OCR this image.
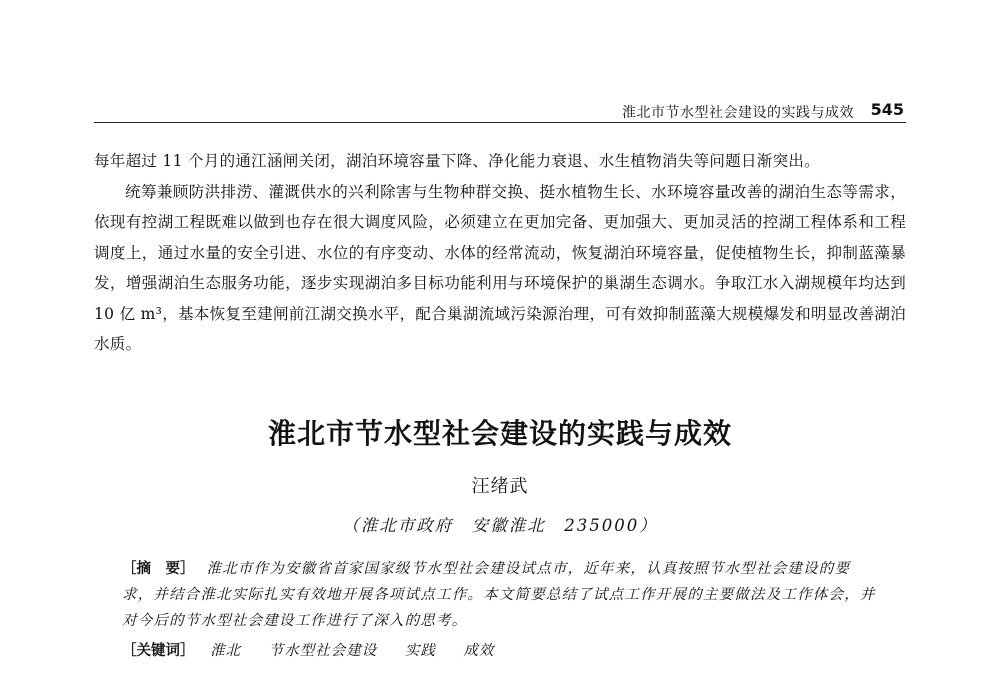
淮北市节水型社会建设的实践与成效 545

每年超过 11 个月的通江涵闸关闭，湖泊环境容量下降、净化能力衰退、水生植物消失等问题日渐突出。

统筹兼顾防洪排涝、灌溉供水的兴利除害与生物种群交换、挺水植物生长、水环境容量改善的湖泊生态等需求，依现有控湖工程既难以做到也存在很大调度风险，必须建立在更加完备、更加强大、更加灵活的控湖工程体系和工程调度上，通过水量的安全引进、水位的有序变动、水体的经常流动，恢复湖泊环境容量，促使植物生长，抑制蓝藻暴发，增强湖泊生态服务功能，逐步实现湖泊多目标功能利用与环境保护的巢湖生态调水。争取江水入湖规模年均达到 10 亿 m³，基本恢复至建闸前江湖交换水平，配合巢湖流域污染源治理，可有效抑制蓝藻大规模爆发和明显改善湖泊水质。

淮北市节水型社会建设的实践与成效
汪绪武
（淮北市政府　安徽淮北　235000）
［摘　要］ 淮北市作为安徽省首家国家级节水型社会建设试点市，近年来，认真按照节水型社会建设的要求，并结合淮北实际扎实有效地开展各项试点工作。本文简要总结了试点工作开展的主要做法及工作体会，并对今后的节水型社会建设工作进行了深入的思考。
［关键词］ 淮北 节水型社会建设 实践 成效
